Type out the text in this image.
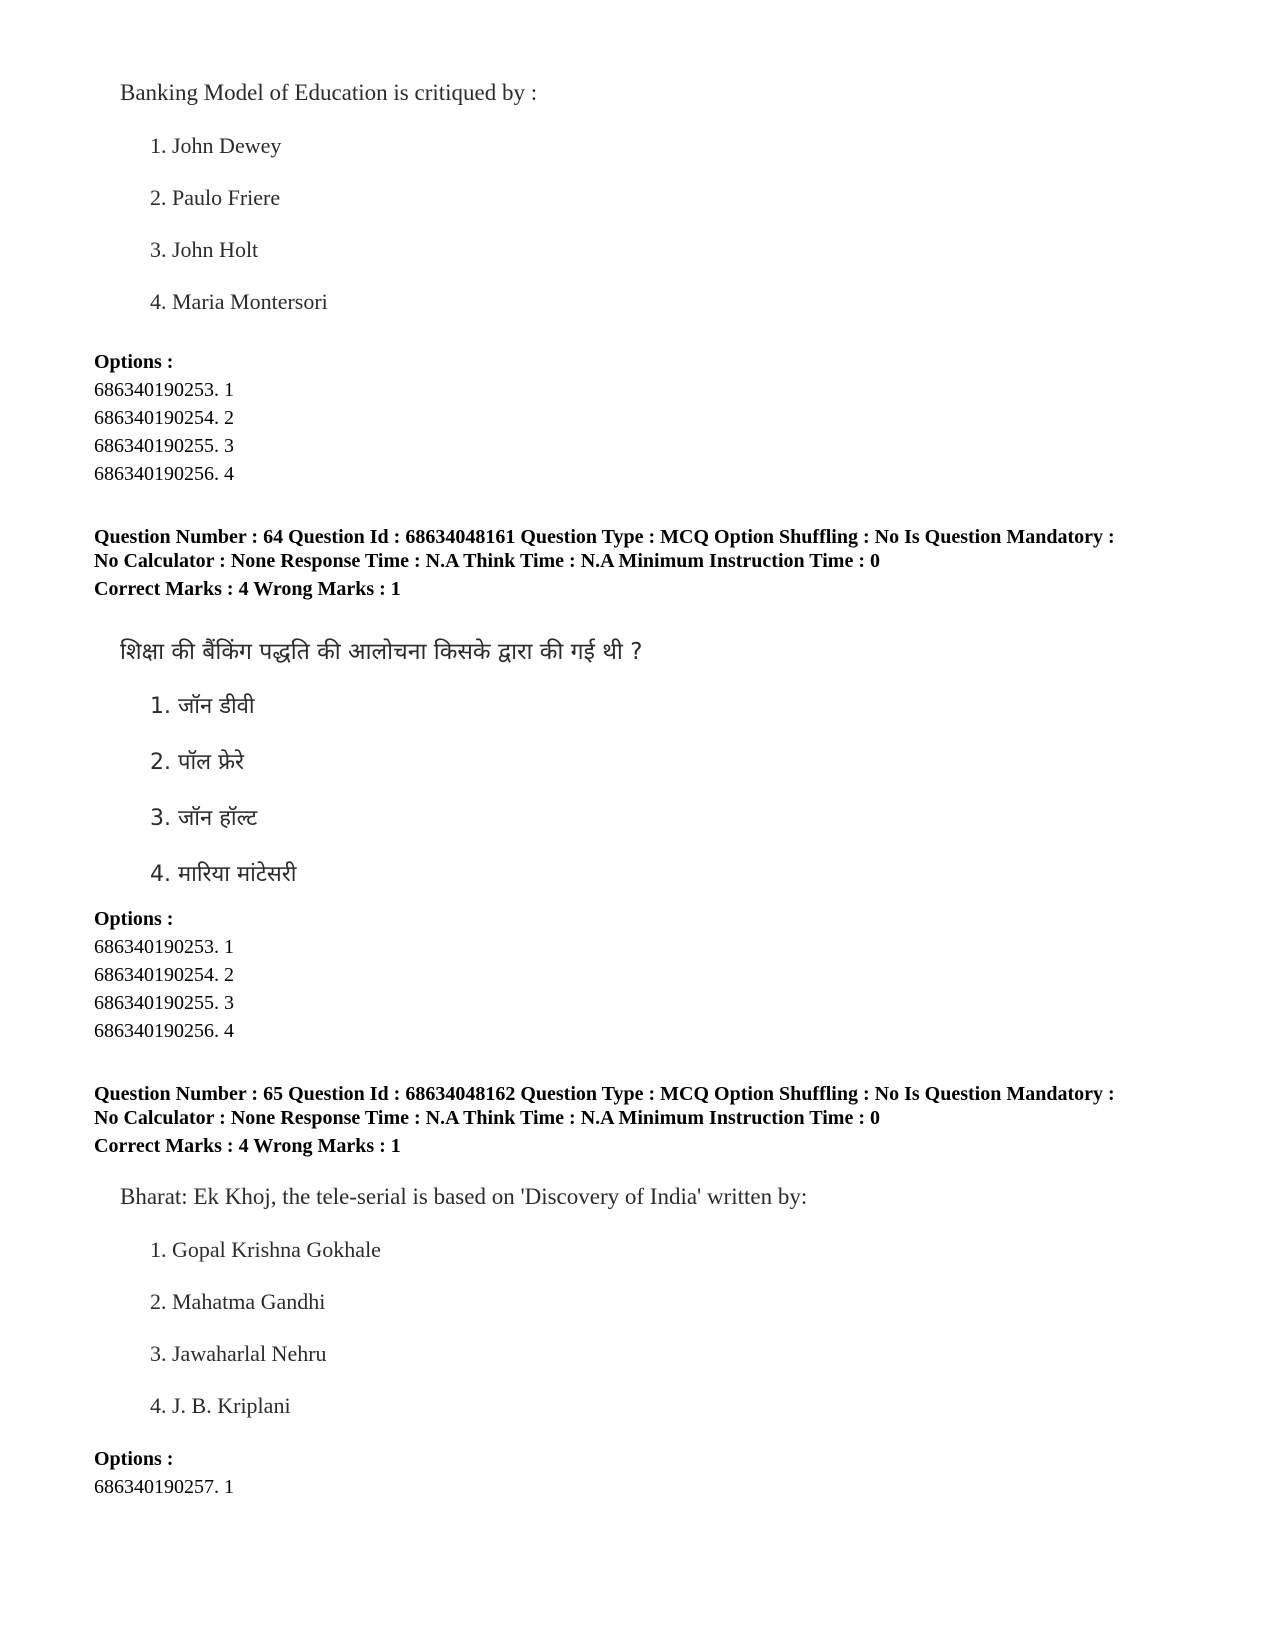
Banking Model of Education is critiqued by :
1. John Dewey
2. Paulo Friere
3. John Holt
4. Maria Montersori
Options :
686340190253. 1
686340190254. 2
686340190255. 3
686340190256. 4
Question Number : 64 Question Id : 68634048161 Question Type : MCQ Option Shuffling : No Is Question Mandatory :
No Calculator : None Response Time : N.A Think Time : N.A Minimum Instruction Time : 0
Correct Marks : 4 Wrong Marks : 1
शिक्षा की बैंकिंग पद्धति की आलोचना किसके द्वारा की गई थी ?
1. जॉन डीवी
2. पॉल फ्रेरे
3. जॉन हॉल्ट
4. मारिया मांटेसरी
Options :
686340190253. 1
686340190254. 2
686340190255. 3
686340190256. 4
Question Number : 65 Question Id : 68634048162 Question Type : MCQ Option Shuffling : No Is Question Mandatory :
No Calculator : None Response Time : N.A Think Time : N.A Minimum Instruction Time : 0
Correct Marks : 4 Wrong Marks : 1
Bharat: Ek Khoj, the tele-serial is based on 'Discovery of India' written by:
1. Gopal Krishna Gokhale
2. Mahatma Gandhi
3. Jawaharlal Nehru
4. J. B. Kriplani
Options :
686340190257. 1
